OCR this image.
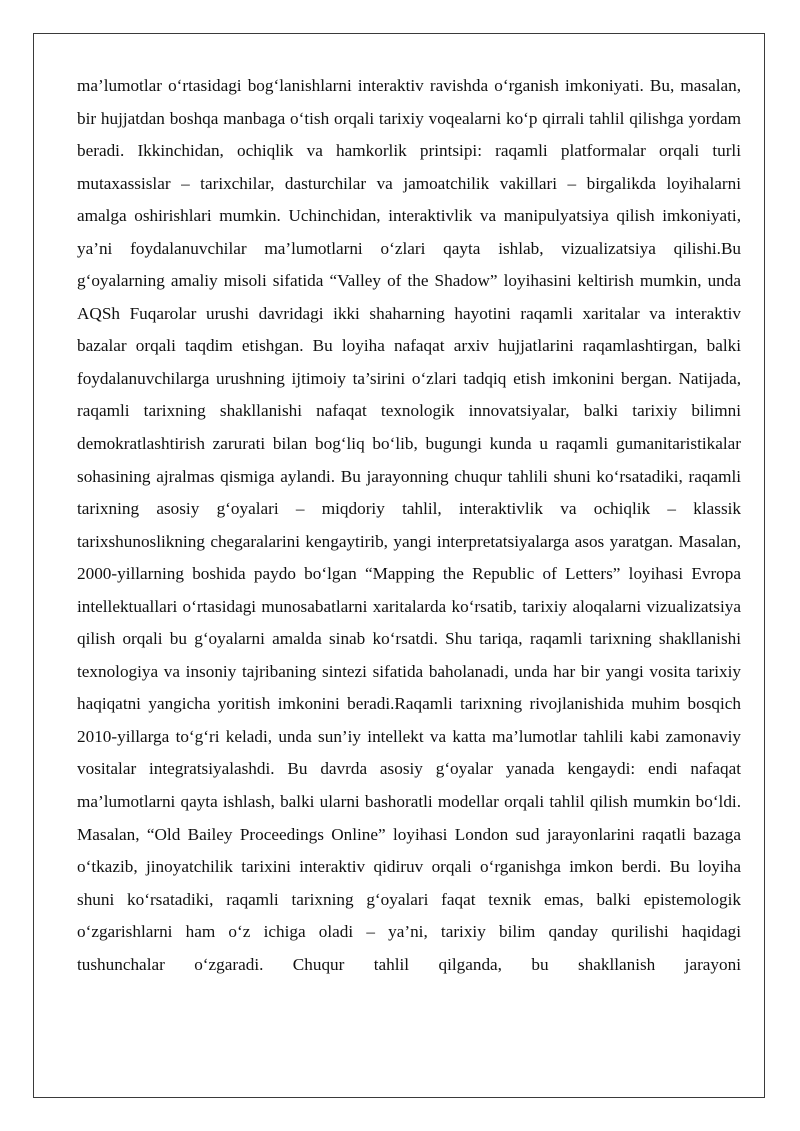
ma’lumotlar o‘rtasidagi bog‘lanishlarni interaktiv ravishda o‘rganish imkoniyati. Bu, masalan, bir hujjatdan boshqa manbaga o‘tish orqali tarixiy voqealarni ko‘p qirrali tahlil qilishga yordam beradi. Ikkinchidan, ochiqlik va hamkorlik printsipi: raqamli platformalar orqali turli mutaxassislar – tarixchilar, dasturchilar va jamoatchilik vakillari – birgalikda loyihalarni amalga oshirishlari mumkin. Uchinchidan, interaktivlik va manipulyatsiya qilish imkoniyati, ya’ni foydalanuvchilar ma’lumotlarni o‘zlari qayta ishlab, vizualizatsiya qilishi.Bu g‘oyalarning amaliy misoli sifatida “Valley of the Shadow” loyihasini keltirish mumkin, unda AQSh Fuqarolar urushi davridagi ikki shaharning hayotini raqamli xaritalar va interaktiv bazalar orqali taqdim etishgan. Bu loyiha nafaqat arxiv hujjatlarini raqamlashtirgan, balki foydalanuvchilarga urushning ijtimoiy ta’sirini o‘zlari tadqiq etish imkonini bergan. Natijada, raqamli tarixning shakllanishi nafaqat texnologik innovatsiyalar, balki tarixiy bilimni demokratlashtirish zarurati bilan bog‘liq bo‘lib, bugungi kunda u raqamli gumanitaristikalar sohasining ajralmas qismiga aylandi. Bu jarayonning chuqur tahlili shuni ko‘rsatadiki, raqamli tarixning asosiy g‘oyalari – miqdoriy tahlil, interaktivlik va ochiqlik – klassik tarixshunoslikning chegaralarini kengaytirib, yangi interpretatsiyalarga asos yaratgan. Masalan, 2000-yillarning boshida paydo bo‘lgan “Mapping the Republic of Letters” loyihasi Evropa intellektuallari o‘rtasidagi munosabatlarni xaritalarda ko‘rsatib, tarixiy aloqalarni vizualizatsiya qilish orqali bu g‘oyalarni amalda sinab ko‘rsatdi. Shu tariqa, raqamli tarixning shakllanishi texnologiya va insoniy tajribaning sintezi sifatida baholanadi, unda har bir yangi vosita tarixiy haqiqatni yangicha yoritish imkonini beradi.Raqamli tarixning rivojlanishida muhim bosqich 2010-yillarga to‘g‘ri keladi, unda sun’iy intellekt va katta ma’lumotlar tahlili kabi zamonaviy vositalar integratsiyalashdi. Bu davrda asosiy g‘oyalar yanada kengaydi: endi nafaqat ma’lumotlarni qayta ishlash, balki ularni bashoratli modellar orqali tahlil qilish mumkin bo‘ldi. Masalan, “Old Bailey Proceedings Online” loyihasi London sud jarayonlarini raqatli bazaga o‘tkazib, jinoyatchilik tarixini interaktiv qidiruv orqali o‘rganishga imkon berdi. Bu loyiha shuni ko‘rsatadiki, raqamli tarixning g‘oyalari faqat texnik emas, balki epistemologik o‘zgarishlarni ham o‘z ichiga oladi – ya’ni, tarixiy bilim qanday qurilishi haqidagi tushunchalar o‘zgaradi. Chuqur tahlil qilganda, bu shakllanish jarayoni
